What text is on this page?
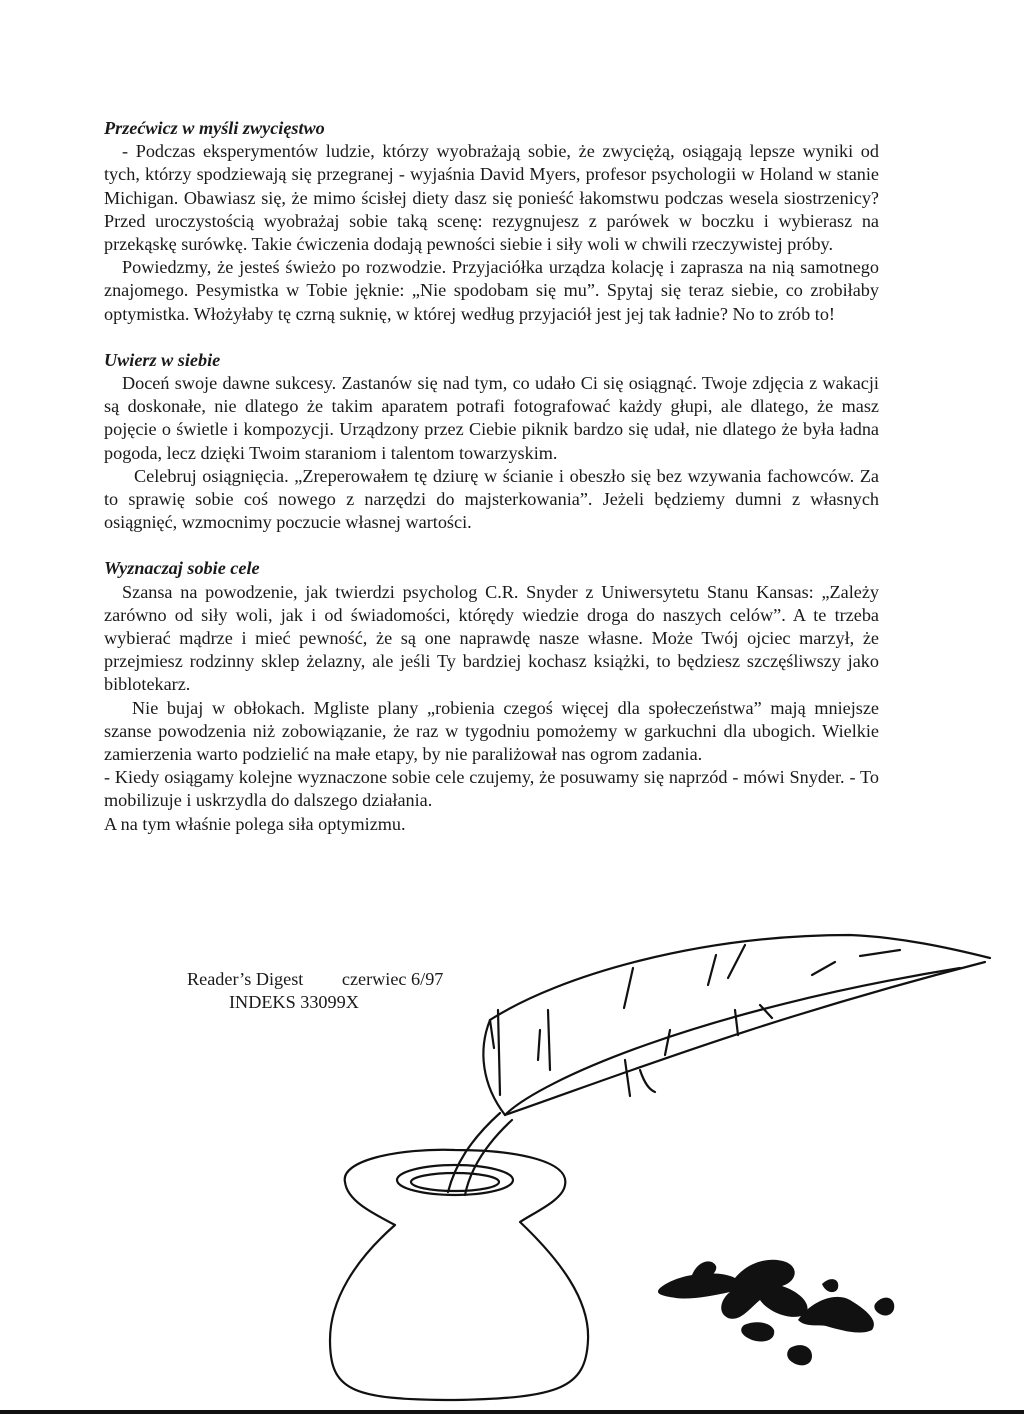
Przećwicz w myśli zwycięstwo

- Podczas eksperymentów ludzie, którzy wyobrażają sobie, że zwyciężą, osiągają lepsze wyniki od tych, którzy spodziewają się przegranej - wyjaśnia David Myers, profesor psychologii w Holand w stanie Michigan. Obawiasz się, że mimo ścisłej diety dasz się ponieść łakomstwu podczas wesela siostrzenicy? Przed uroczystością wyobrażaj sobie taką scenę: rezygnujesz z parówek w boczku i wybierasz na przekąskę surówkę. Takie ćwiczenia dodają pewności siebie i siły woli w chwili rzeczywistej próby.

Powiedzmy, że jesteś świeżo po rozwodzie. Przyjaciółka urządza kolację i zaprasza na nią samotnego znajomego. Pesymistka w Tobie jęknie: „Nie spodobam się mu”. Spytaj się teraz siebie, co zrobiłaby optymistka. Włożyłaby tę czrną suknię, w której według przyjaciół jest jej tak ładnie? No to zrób to!

Uwierz w siebie

Doceń swoje dawne sukcesy. Zastanów się nad tym, co udało Ci się osiągnąć. Twoje zdjęcia z wakacji są doskonałe, nie dlatego że takim aparatem potrafi fotografować każdy głupi, ale dlatego, że masz pojęcie o świetle i kompozycji. Urządzony przez Ciebie piknik bardzo się udał, nie dlatego że była ładna pogoda, lecz dzięki Twoim staraniom i talentom towarzyskim.

Celebruj osiągnięcia. „Zreperowałem tę dziurę w ścianie i obeszło się bez wzywania fachowców. Za to sprawię sobie coś nowego z narzędzi do majsterkowania”. Jeżeli będziemy dumni z własnych osiągnięć, wzmocnimy poczucie własnej wartości.

Wyznaczaj sobie cele

Szansa na powodzenie, jak twierdzi psycholog C.R. Snyder z Uniwersytetu Stanu Kansas: „Zależy zarówno od siły woli, jak i od świadomości, którędy wiedzie droga do naszych celów”. A te trzeba wybierać mądrze i mieć pewność, że są one naprawdę nasze własne. Może Twój ojciec marzył, że przejmiesz rodzinny sklep żelazny, ale jeśli Ty bardziej kochasz książki, to będziesz szczęśliwszy jako biblotekarz.

Nie bujaj w obłokach. Mgliste plany „robienia czegoś więcej dla społeczeństwa” mają mniejsze szanse powodzenia niż zobowiązanie, że raz w tygodniu pomożemy w garkuchni dla ubogich. Wielkie zamierzenia warto podzielić na małe etapy, by nie paraliżował nas ogrom zadania.

- Kiedy osiągamy kolejne wyznaczone sobie cele czujemy, że posuwamy się naprzód - mówi Snyder. - To mobilizuje i uskrzydla do dalszego działania.

A na tym właśnie polega siła optymizmu.

Reader’s Digest czerwiec 6/97
INDEKS 33099X
